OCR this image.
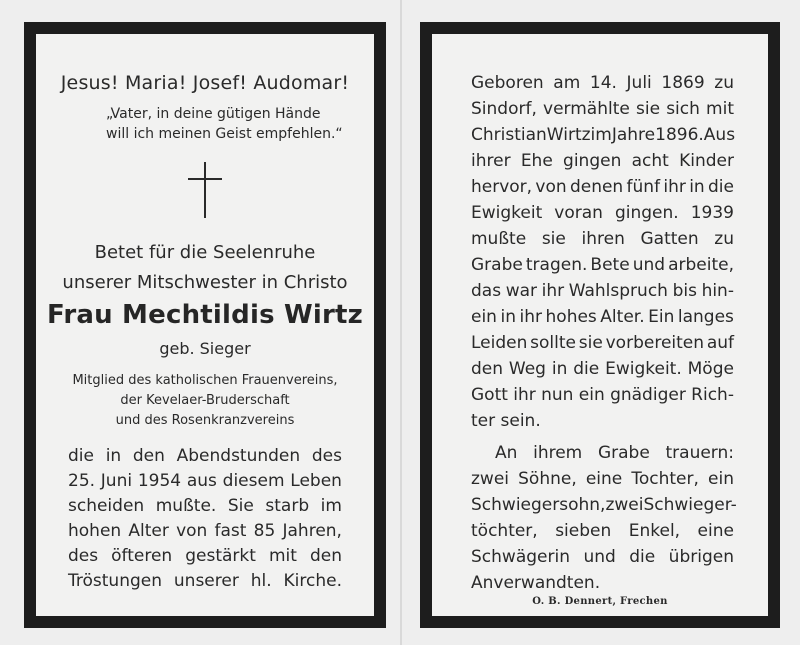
Jesus! Maria! Josef! Audomar!
„Vater, in deine gütigen Hände
will ich meinen Geist empfehlen.“
Betet für die Seelenruhe
unserer Mitschwester in Christo
Frau Mechtildis Wirtz
geb. Sieger
Mitglied des katholischen Frauenvereins,
der Kevelaer-Bruderschaft
und des Rosenkranzvereins
die in den Abendstunden des
25. Juni 1954 aus diesem Leben
scheiden mußte. Sie starb im
hohen Alter von fast 85 Jahren,
des öfteren gestärkt mit den
Tröstungen unserer hl. Kirche.
Geboren am 14. Juli 1869 zu
Sindorf, vermählte sie sich mit
Christian Wirtz im Jahre 1896. Aus
ihrer Ehe gingen acht Kinder
hervor, von denen fünf ihr in die
Ewigkeit voran gingen. 1939
mußte sie ihren Gatten zu
Grabe tragen. Bete und arbeite,
das war ihr Wahlspruch bis hin-
ein in ihr hohes Alter. Ein langes
Leiden sollte sie vorbereiten auf
den Weg in die Ewigkeit. Möge
Gott ihr nun ein gnädiger Rich-
ter sein.
An ihrem Grabe trauern:
zwei Söhne, eine Tochter, ein
Schwiegersohn, zwei Schwieger-
töchter, sieben Enkel, eine
Schwägerin und die übrigen
Anverwandten.
O. B. Dennert, Frechen
